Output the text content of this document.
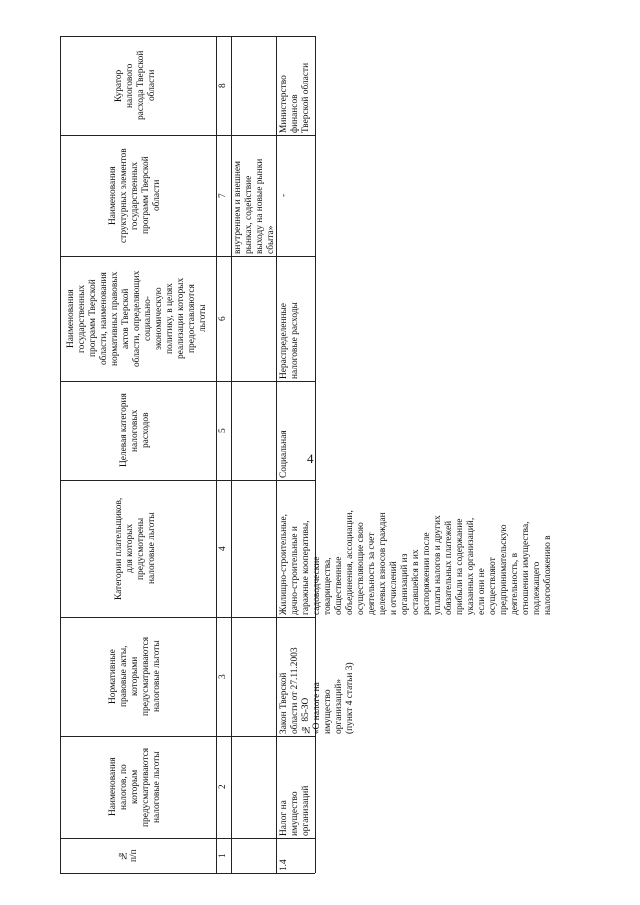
4
№ п/п
Наименования налогов, по которым предусматриваются налоговые льготы
Нормативные правовые акты, которыми предусматриваются налоговые льготы
Категории плательщиков, для которых предусмотрены налоговые льготы
Целевая категория налоговых расходов
Наименования государственных программ Тверской области, наименования нормативных правовых актов Тверской области, определяющих социально- экономическую политику, в целях реализации которых предоставляются льготы
Наименования структурных элементов государственных программ Тверской области
Куратор налогового расхода Тверской области
1
2
3
4
5
6
7
8
внутреннем и внешнем рынках, содействие выходу на новые рынки сбыта»
1.4
Налог на имущество организаций
Закон Тверской области от 27.11.2003 № 85-ЗО «О налоге на имущество организаций» (пункт 4 статьи 3)
Жилищно-строительные, дачно-строительные и гаражные кооперативы, садоводческие товарищества, общественные объединения, ассоциации, осуществляющие свою деятельность за счет целевых взносов граждан и отчислений организаций из оставшейся в их распоряжении после уплаты налогов и других обязательных платежей прибыли на содержание указанных организаций, если они не осуществляют предпринимательскую деятельность, в отношении имущества, подлежащего налогообложению в
Социальная
Нераспределенные налоговые расходы
-
Министерство финансов Тверской области
